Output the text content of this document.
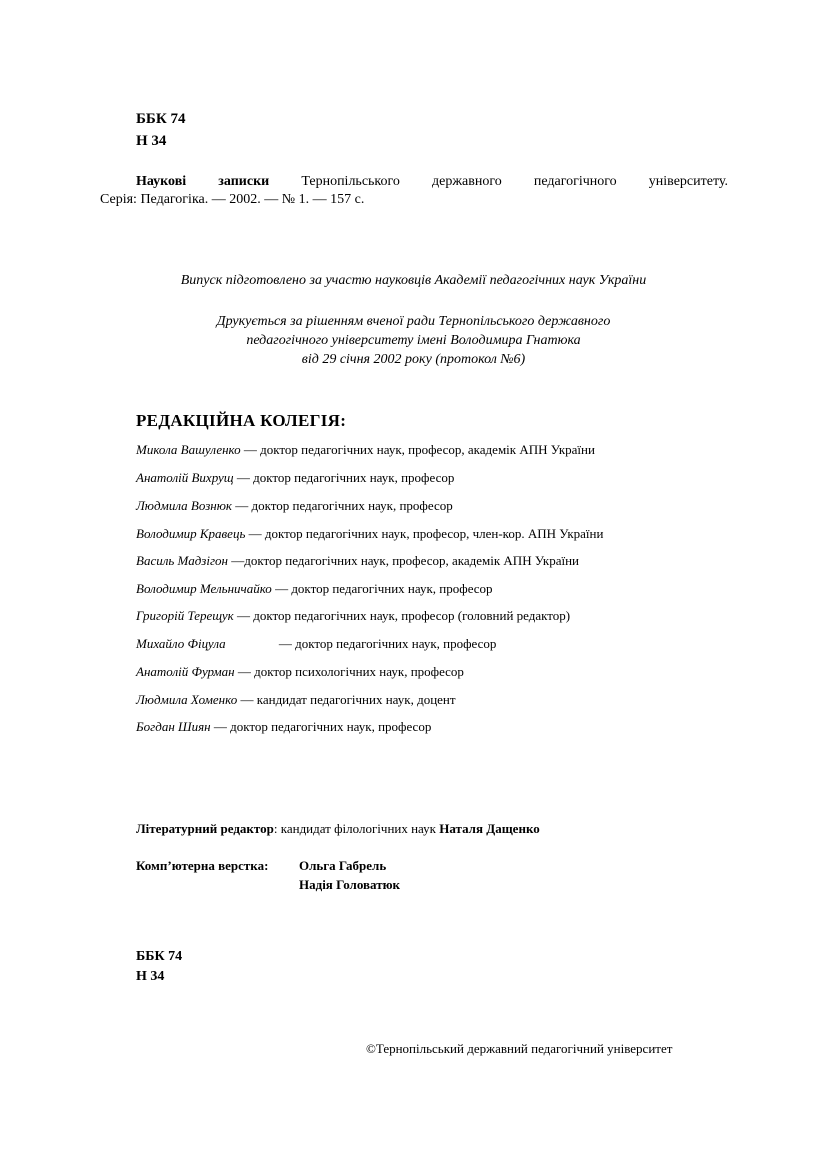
ББК 74
Н 34
Наукові записки Тернопільського державного педагогічного університету.
Серія: Педагогіка. — 2002. — № 1. — 157 с.
Випуск підготовлено за участю науковців Академії педагогічних наук України
Друкується за рішенням вченої ради Тернопільського державного
педагогічного університету імені Володимира Гнатюка
від 29 січня 2002 року (протокол №6)
РЕДАКЦІЙНА КОЛЕГІЯ:
Микола Вашуленко — доктор педагогічних наук, професор, академік АПН України
Анатолій Вихрущ — доктор педагогічних наук, професор
Людмила Вознюк — доктор педагогічних наук, професор
Володимир Кравець — доктор педагогічних наук, професор, член-кор. АПН України
Василь Мадзігон —доктор педагогічних наук, професор, академік АПН України
Володимир Мельничайко — доктор педагогічних наук, професор
Григорій Терещук — доктор педагогічних наук, професор (головний редактор)
Михайло Фіцула	— доктор педагогічних наук, професор
Анатолій Фурман — доктор психологічних наук, професор
Людмила Хоменко — кандидат педагогічних наук, доцент
Богдан Шиян — доктор педагогічних наук, професор
Літературний редактор: кандидат філологічних наук Наталя Дащенко
Комп’ютерна верстка: Ольга Габрель
Надія Головатюк
ББК 74
Н 34
©Тернопільський державний педагогічний університет
